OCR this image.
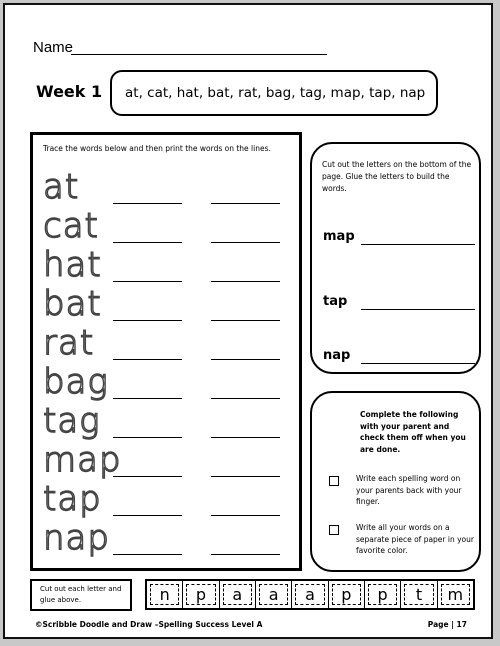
Name
Week 1 at, cat, hat, bat, rat, bag, tag, map, tap, nap
Trace the words below and then print the words on the lines.
at
cat
hat
bat
rat
bag
tag
map
tap
nap
Cut out the letters on the bottom of the page. Glue the letters to build the words.
map
tap
nap
Complete the following with your parent and check them off when you are done.
Write each spelling word on your parents back with your finger.
Write all your words on a separate piece of paper in your favorite color.
Cut out each letter and glue above.	n	p	a	a	a	p	p	t	m
©Scribble Doodle and Draw –Spelling Success Level A	Page | 17
